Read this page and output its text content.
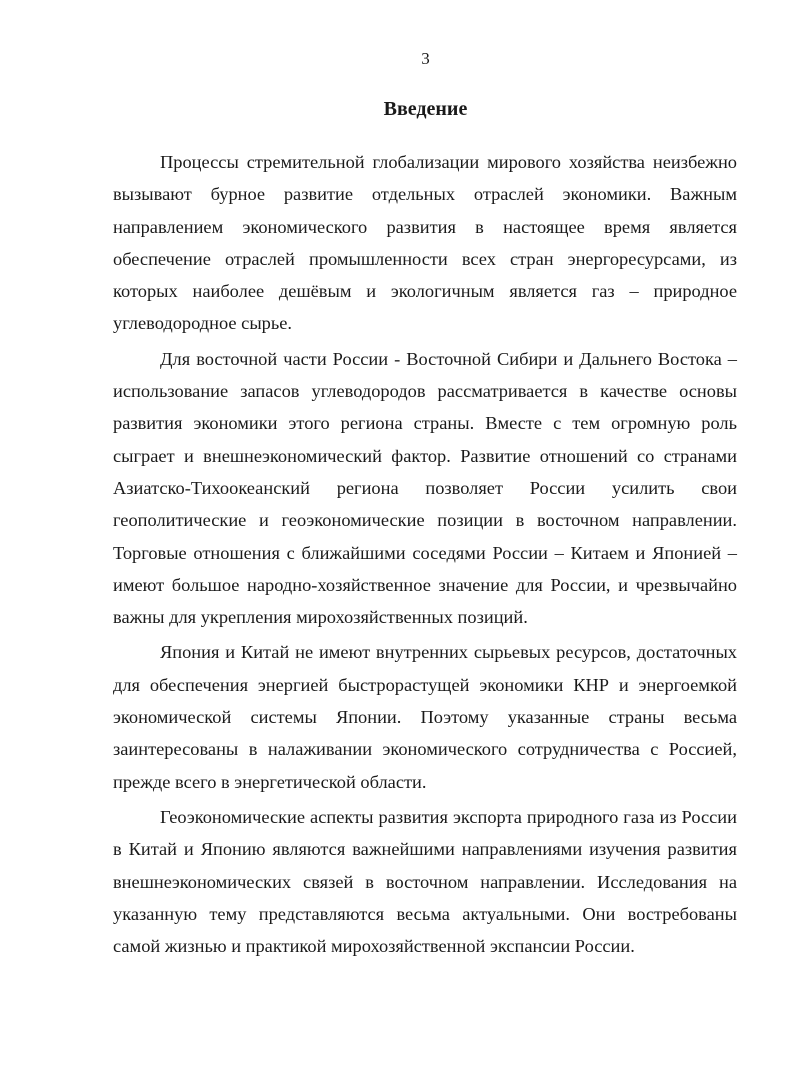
3
Введение

Процессы стремительной глобализации мирового хозяйства неизбежно вызывают бурное развитие отдельных отраслей экономики. Важным направлением экономического развития в настоящее время является обеспечение отраслей промышленности всех стран энергоресурсами, из которых наиболее дешёвым и экологичным является газ – природное углеводородное сырье.

Для восточной части России - Восточной Сибири и Дальнего Востока – использование запасов углеводородов рассматривается в качестве основы развития экономики этого региона страны. Вместе с тем огромную роль сыграет и внешнеэкономический фактор. Развитие отношений со странами Азиатско-Тихоокеанский региона позволяет России усилить свои геополитические и геоэкономические позиции в восточном направлении. Торговые отношения с ближайшими соседями России – Китаем и Японией – имеют большое народно-хозяйственное значение для России, и чрезвычайно важны для укрепления мирохозяйственных позиций.

Япония и Китай не имеют внутренних сырьевых ресурсов, достаточных для обеспечения энергией быстрорастущей экономики КНР и энергоемкой экономической системы Японии. Поэтому указанные страны весьма заинтересованы в налаживании экономического сотрудничества с Россией, прежде всего в энергетической области.

Геоэкономические аспекты развития экспорта природного газа из России в Китай и Японию являются важнейшими направлениями изучения развития внешнеэкономических связей в восточном направлении. Исследования на указанную тему представляются весьма актуальными. Они востребованы самой жизнью и практикой мирохозяйственной экспансии России.
